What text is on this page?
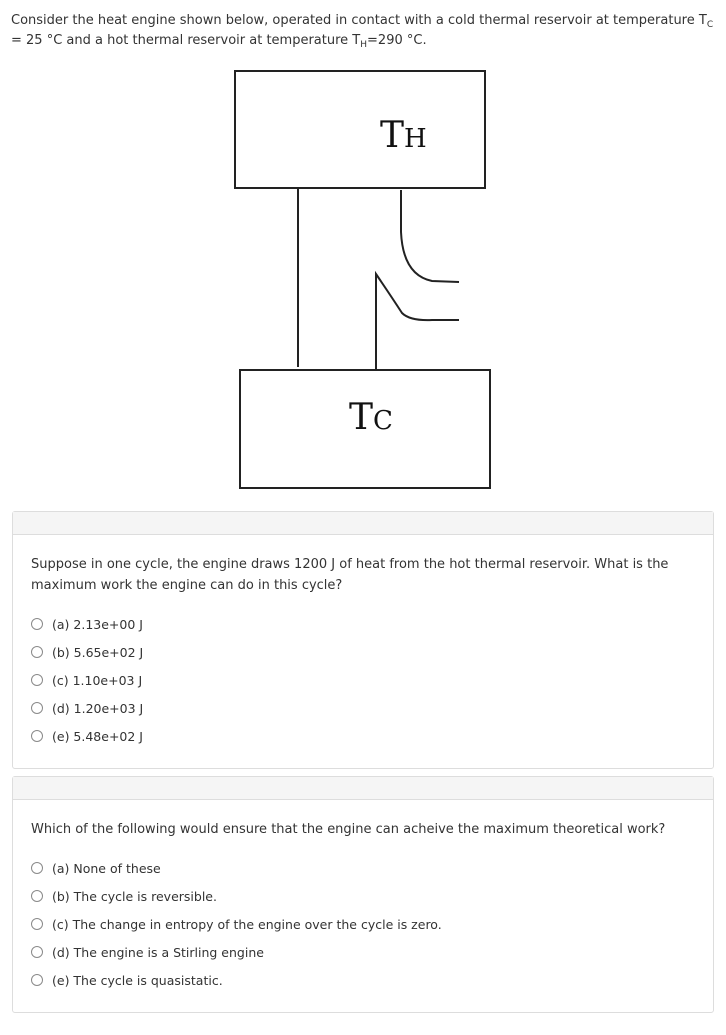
Consider the heat engine shown below, operated in contact with a cold thermal reservoir at temperature $T_C = 25$ °C and a hot thermal reservoir at temperature $T_H=290$ °C.
TH
TC
Suppose in one cycle, the engine draws 1200 J of heat from the hot thermal reservoir. What is the maximum work the engine can do in this cycle?
(a) 2.13e+00 J
(b) 5.65e+02 J
(c) 1.10e+03 J
(d) 1.20e+03 J
(e) 5.48e+02 J
Which of the following would ensure that the engine can acheive the maximum theoretical work?
(a) None of these
(b) The cycle is reversible.
(c) The change in entropy of the engine over the cycle is zero.
(d) The engine is a Stirling engine
(e) The cycle is quasistatic.
